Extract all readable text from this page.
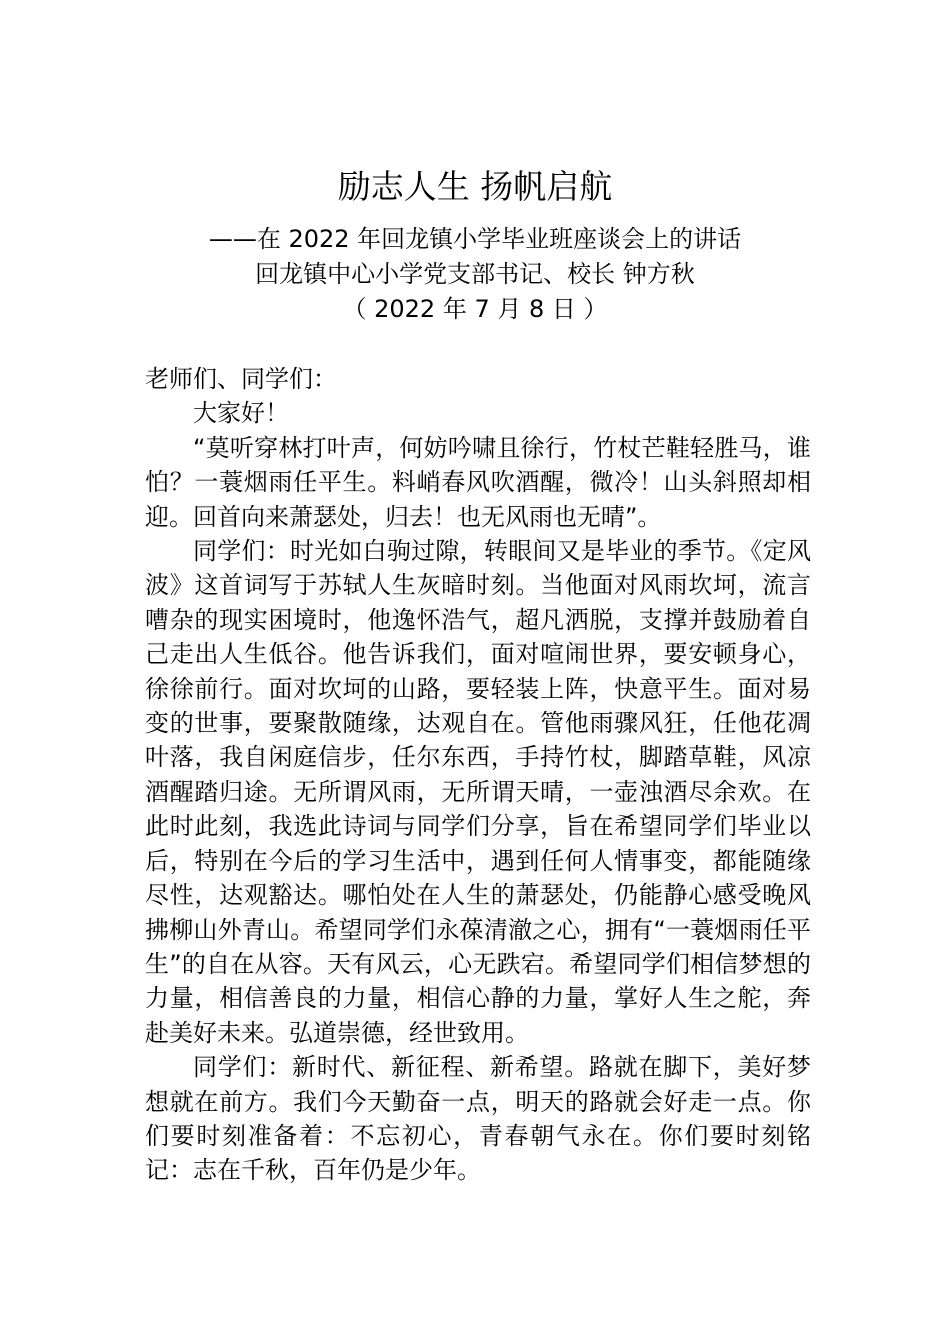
励志人生 扬帆启航
——在 2022 年回龙镇小学毕业班座谈会上的讲话
回龙镇中心小学党支部书记、校长 钟方秋
（ 2022 年 7 月 8 日 ）

老师们、同学们：

大家好！

“莫听穿林打叶声，何妨吟啸且徐行，竹杖芒鞋轻胜马，谁怕？一蓑烟雨任平生。料峭春风吹酒醒，微冷！山头斜照却相迎。回首向来萧瑟处，归去！也无风雨也无晴”。

同学们：时光如白驹过隙，转眼间又是毕业的季节。《定风波》这首词写于苏轼人生灰暗时刻。当他面对风雨坎坷，流言嘈杂的现实困境时，他逸怀浩气，超凡洒脱，支撑并鼓励着自己走出人生低谷。他告诉我们，面对喧闹世界，要安顿身心，徐徐前行。面对坎坷的山路，要轻装上阵，快意平生。面对易变的世事，要聚散随缘，达观自在。管他雨骤风狂，任他花凋叶落，我自闲庭信步，任尔东西，手持竹杖，脚踏草鞋，风凉酒醒踏归途。无所谓风雨，无所谓天晴，一壶浊酒尽余欢。在此时此刻，我选此诗词与同学们分享，旨在希望同学们毕业以后，特别在今后的学习生活中，遇到任何人情事变，都能随缘尽性，达观豁达。哪怕处在人生的萧瑟处，仍能静心感受晚风拂柳山外青山。希望同学们永葆清澈之心，拥有“一蓑烟雨任平生”的自在从容。天有风云，心无跌宕。希望同学们相信梦想的力量，相信善良的力量，相信心静的力量，掌好人生之舵，奔赴美好未来。弘道崇德，经世致用。

同学们：新时代、新征程、新希望。路就在脚下，美好梦想就在前方。我们今天勤奋一点，明天的路就会好走一点。你们要时刻准备着：不忘初心，青春朝气永在。你们要时刻铭记：志在千秋，百年仍是少年。
